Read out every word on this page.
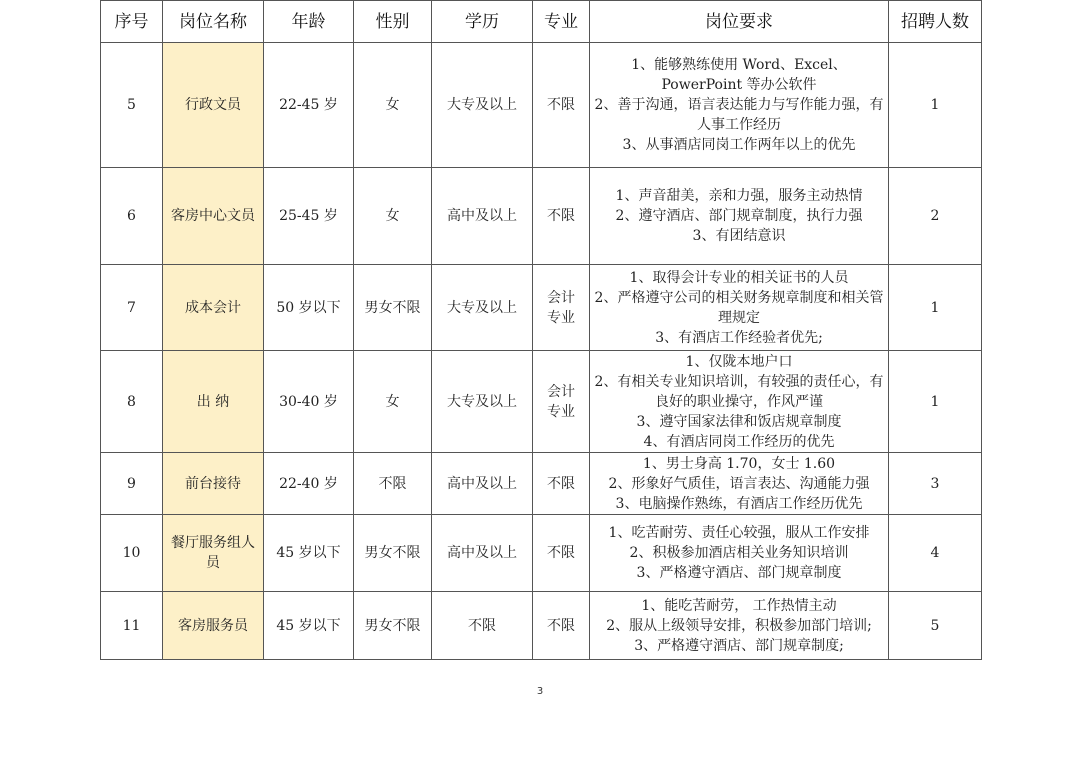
序号	岗位名称	年龄	性别	学历	专业	岗位要求	招聘人数
5	行政文员	22-45 岁	女	大专及以上	不限	1、能够熟练使用 Word、Excel、PowerPoint 等办公软件
2、善于沟通，语言表达能力与写作能力强，有人事工作经历
3、从事酒店同岗工作两年以上的优先	1
6	客房中心文员	25-45 岁	女	高中及以上	不限	1、声音甜美，亲和力强，服务主动热情
2、遵守酒店、部门规章制度，执行力强
3、有团结意识	2
7	成本会计	50 岁以下	男女不限	大专及以上	会计专业	1、取得会计专业的相关证书的人员
2、严格遵守公司的相关财务规章制度和相关管理规定
3、有酒店工作经验者优先;	1
8	出 纳	30-40 岁	女	大专及以上	会计专业	1、仅陇本地户口
2、有相关专业知识培训，有较强的责任心，有良好的职业操守，作风严谨
3、遵守国家法律和饭店规章制度
4、有酒店同岗工作经历的优先	1
9	前台接待	22-40 岁	不限	高中及以上	不限	1、男士身高 1.70，女士 1.60
2、形象好气质佳，语言表达、沟通能力强
3、电脑操作熟练，有酒店工作经历优先	3
10	餐厅服务组人员	45 岁以下	男女不限	高中及以上	不限	1、吃苦耐劳、责任心较强，服从工作安排
2、积极参加酒店相关业务知识培训
3、严格遵守酒店、部门规章制度	4
11	客房服务员	45 岁以下	男女不限	不限	不限	1、能吃苦耐劳， 工作热情主动
2、服从上级领导安排，积极参加部门培训;
3、严格遵守酒店、部门规章制度;	5
3
